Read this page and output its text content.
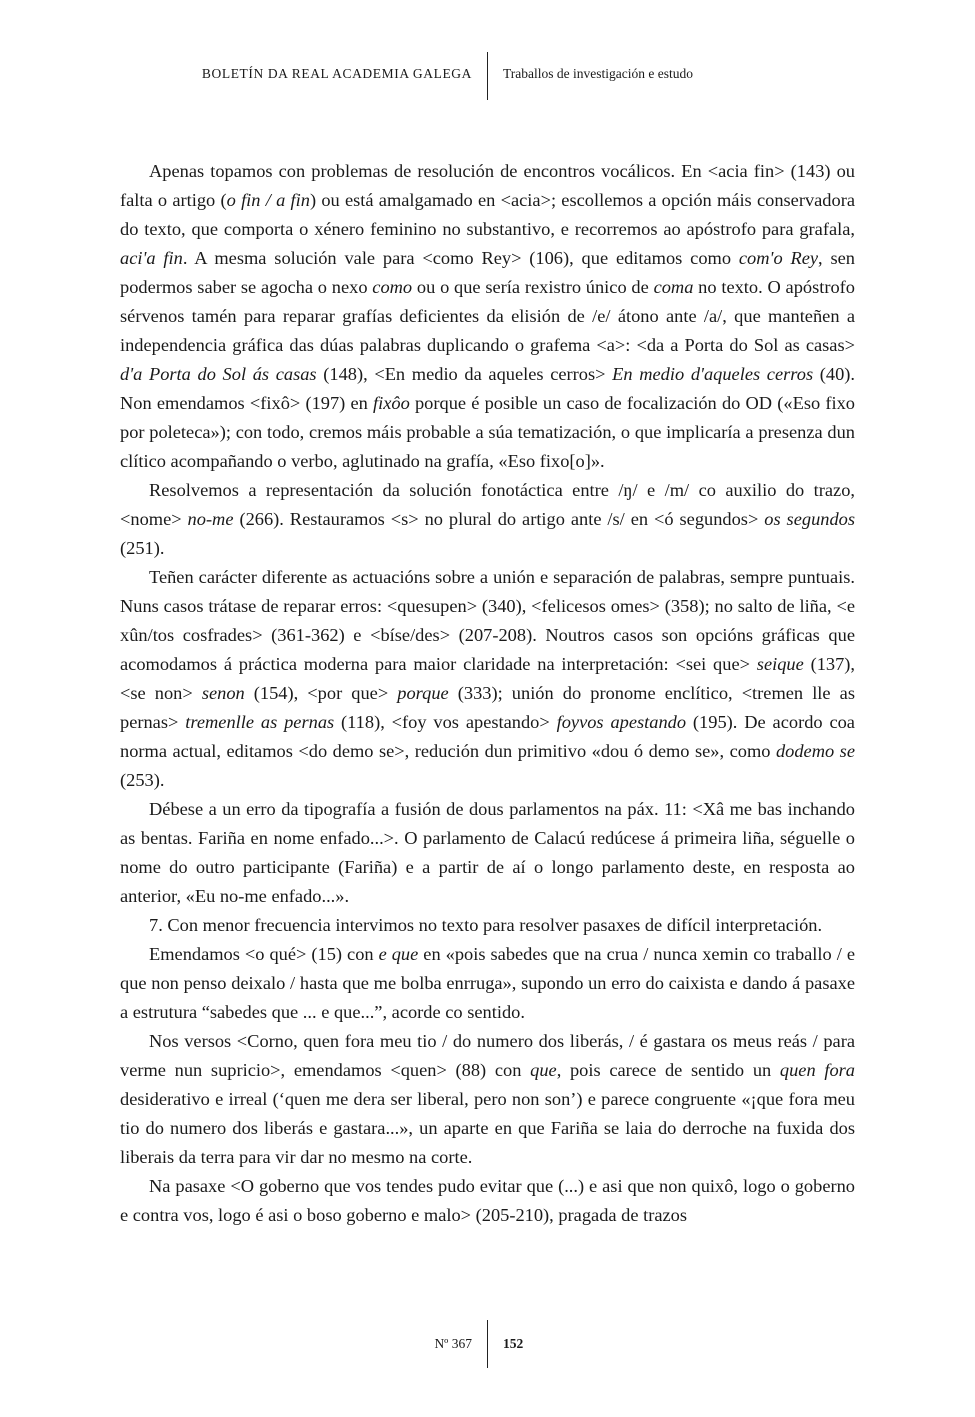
BOLETÍN DA REAL ACADEMIA GALEGA Traballos de investigación e estudo

Apenas topamos con problemas de resolución de encontros vocálicos. En <acia fin> (143) ou falta o artigo (o fin / a fin) ou está amalgamado en <acia>; escollemos a opción máis conservadora do texto, que comporta o xénero feminino no substantivo, e recorremos ao apóstrofo para grafala, aci'a fin. A mesma solución vale para <como Rey> (106), que editamos como com'o Rey, sen podermos saber se agocha o nexo como ou o que sería rexistro único de coma no texto. O apóstrofo sérvenos tamén para reparar grafías deficientes da elisión de /e/ átono ante /a/, que manteñen a independencia gráfica das dúas palabras duplicando o grafema <a>: <da a Porta do Sol as casas> d'a Porta do Sol ás casas (148), <En medio da aqueles cerros> En medio d'aqueles cerros (40). Non emendamos <fixô> (197) en fixôo porque é posible un caso de focalización do OD («Eso fixo por poleteca»); con todo, cremos máis probable a súa tematización, o que implicaría a presenza dun clítico acompañando o verbo, aglutinado na grafía, «Eso fixo[o]».

Resolvemos a representación da solución fonotáctica entre /ŋ/ e /m/ co auxilio do trazo, <nome> no-me (266). Restauramos <s> no plural do artigo ante /s/ en <ó segundos> os segundos (251).

Teñen carácter diferente as actuacións sobre a unión e separación de palabras, sempre puntuais. Nuns casos trátase de reparar erros: <quesupen> (340), <felicesos omes> (358); no salto de liña, <e xûn/tos cosfrades> (361-362) e <bíse/des> (207-208). Noutros casos son opcións gráficas que acomodamos á práctica moderna para maior claridade na interpretación: <sei que> seique (137), <se non> senon (154), <por que> porque (333); unión do pronome enclítico, <tremen lle as pernas> tremenlle as pernas (118), <foy vos apestando> foyvos apestando (195). De acordo coa norma actual, editamos <do demo se>, redución dun primitivo «dou ó demo se», como dodemo se (253).

Débese a un erro da tipografía a fusión de dous parlamentos na páx. 11: <Xâ me bas inchando as bentas. Fariña en nome enfado...>. O parlamento de Calacú redúcese á primeira liña, séguelle o nome do outro participante (Fariña) e a partir de aí o longo parlamento deste, en resposta ao anterior, «Eu no-me enfado...».

7. Con menor frecuencia intervimos no texto para resolver pasaxes de difícil interpretación.

Emendamos <o qué> (15) con e que en «pois sabedes que na crua / nunca xemin co traballo / e que non penso deixalo / hasta que me bolba enrruga», supondo un erro do caixista e dando á pasaxe a estrutura “sabedes que ... e que...”, acorde co sentido.

Nos versos <Corno, quen fora meu tio / do numero dos liberás, / é gastara os meus reás / para verme nun supricio>, emendamos <quen> (88) con que, pois carece de sentido un quen fora desiderativo e irreal (‘quen me dera ser liberal, pero non son’) e parece congruente «¡que fora meu tio do numero dos liberás e gastara...», un aparte en que Fariña se laia do derroche na fuxida dos liberais da terra para vir dar no mesmo na corte.

Na pasaxe <O goberno que vos tendes pudo evitar que (...) e asi que non quixô, logo o goberno e contra vos, logo é asi o boso goberno e malo> (205-210), pragada de trazos

Nº 367 152
